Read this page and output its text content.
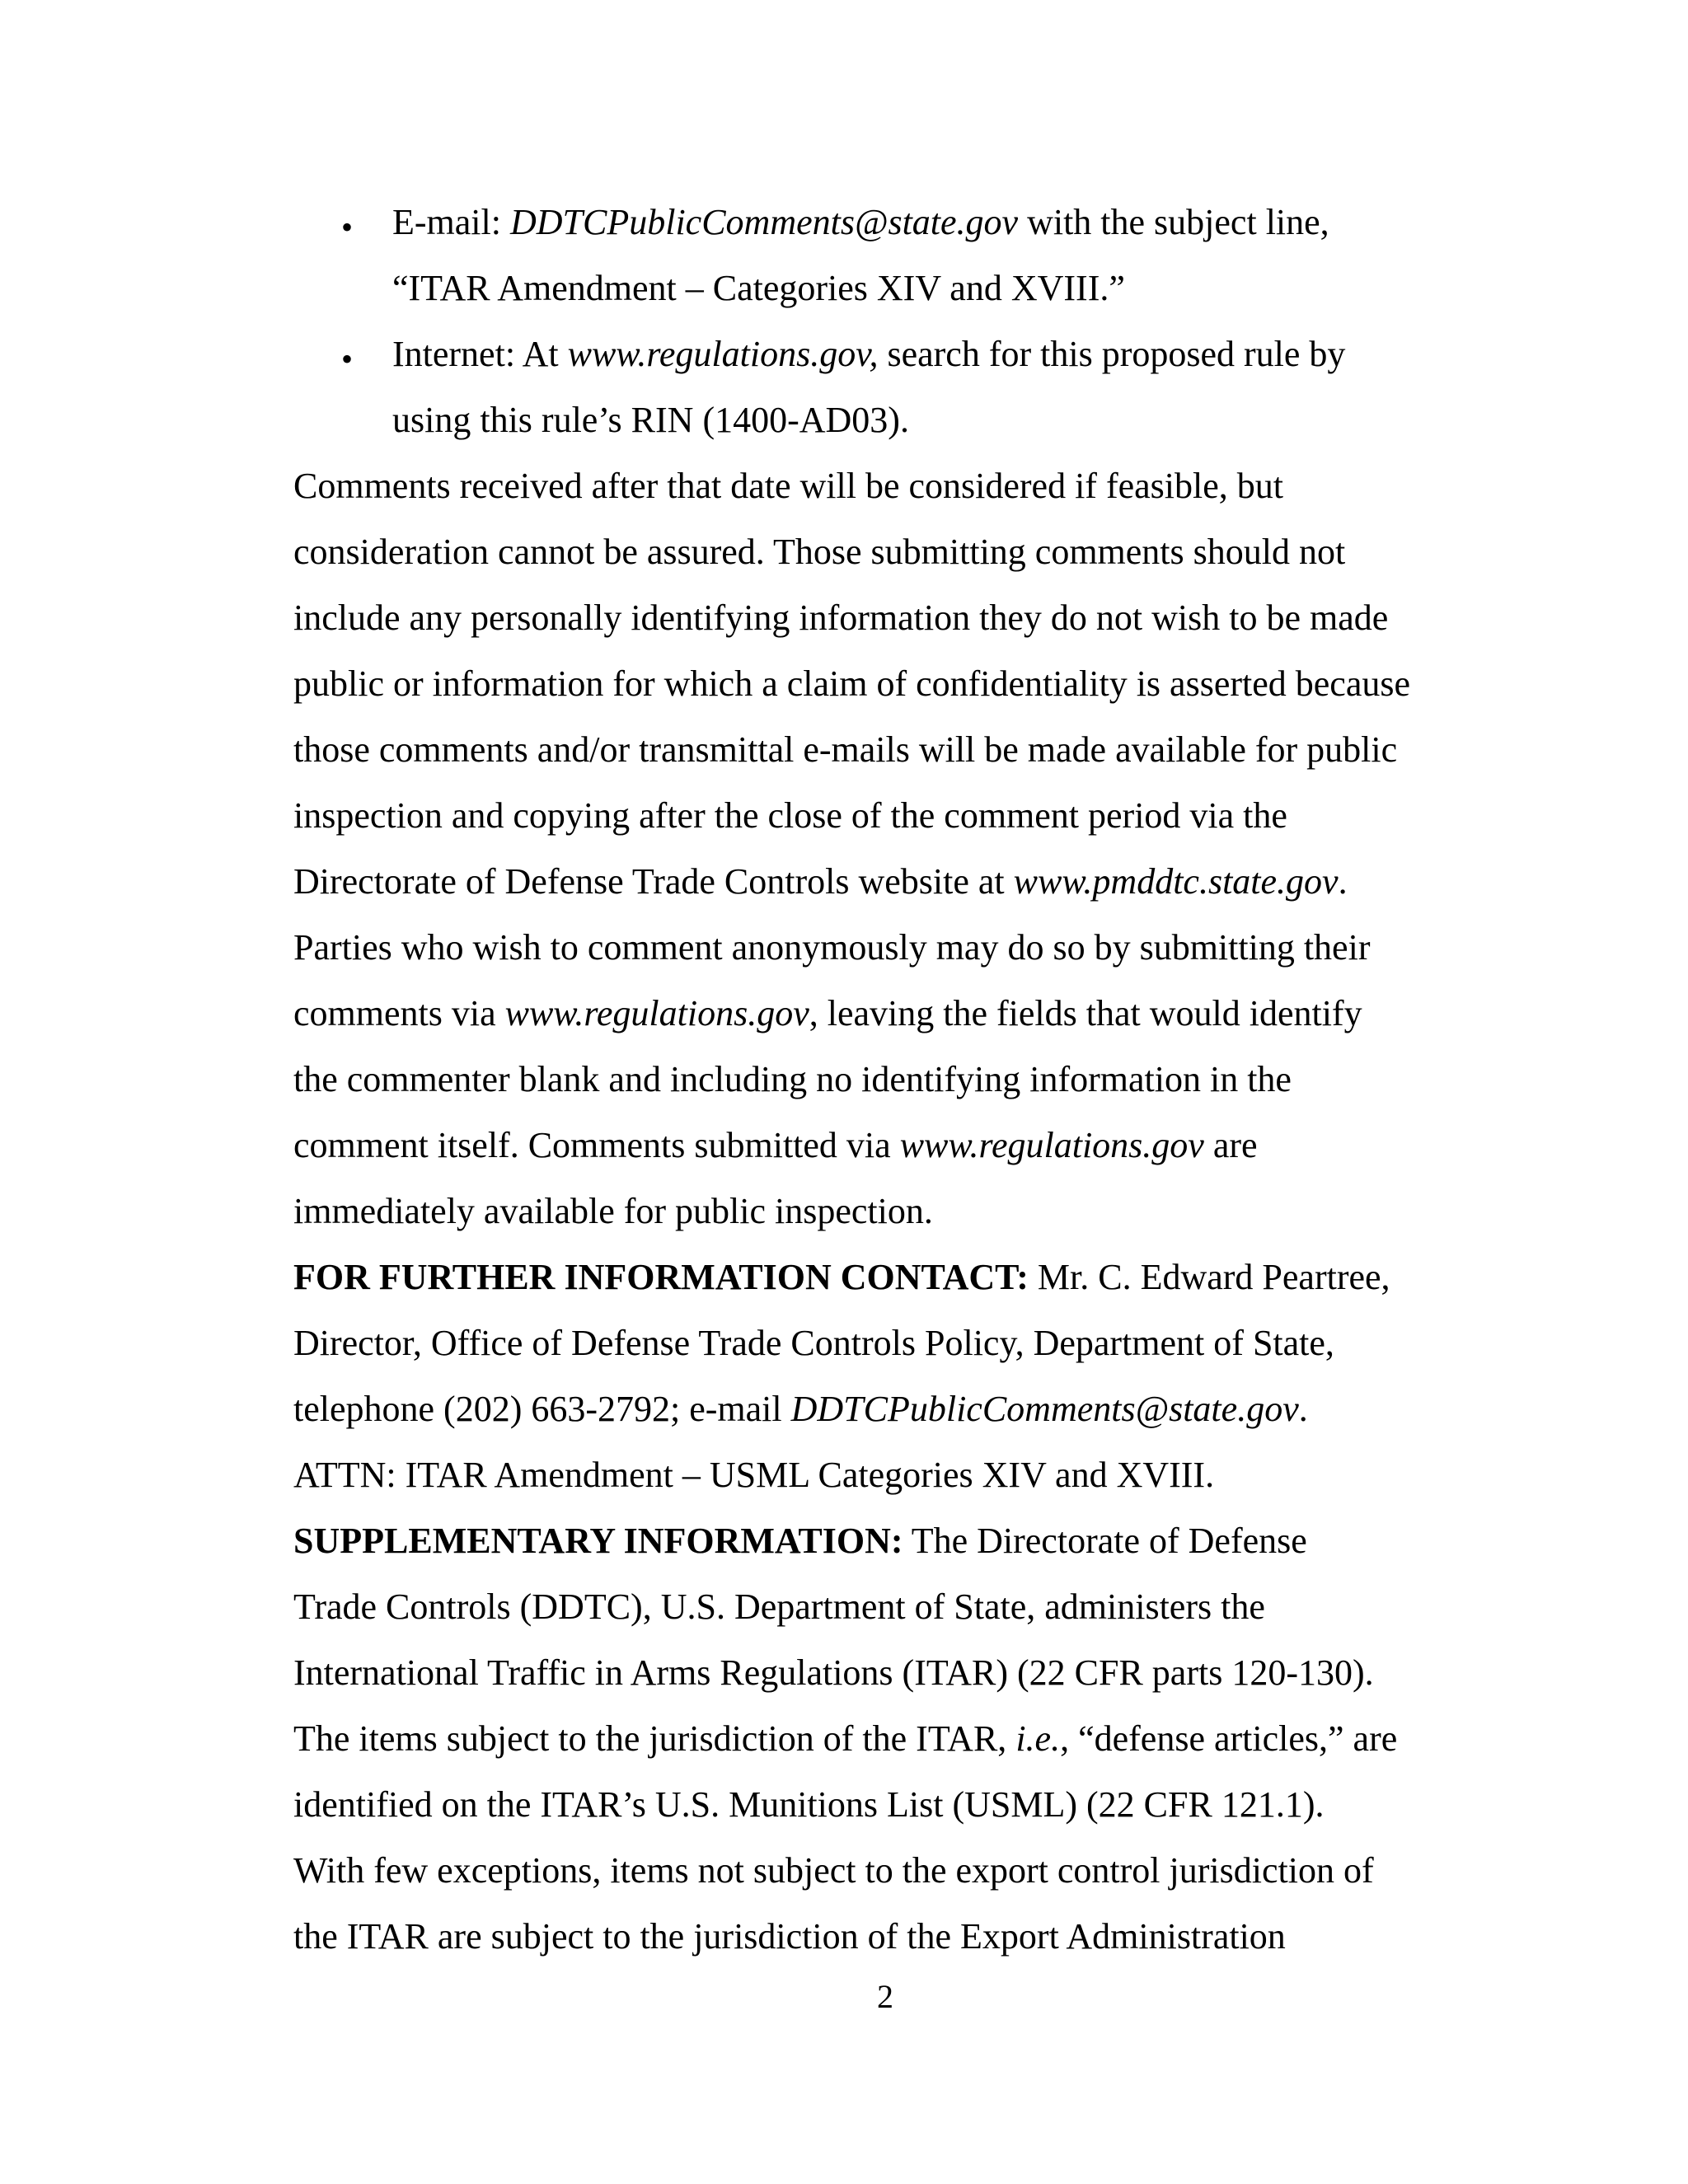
• E-mail: DDTCPublicComments@state.gov with the subject line,
“ITAR Amendment – Categories XIV and XVIII.”
• Internet: At www.regulations.gov, search for this proposed rule by
using this rule’s RIN (1400-AD03).
Comments received after that date will be considered if feasible, but
consideration cannot be assured. Those submitting comments should not
include any personally identifying information they do not wish to be made
public or information for which a claim of confidentiality is asserted because
those comments and/or transmittal e-mails will be made available for public
inspection and copying after the close of the comment period via the
Directorate of Defense Trade Controls website at www.pmddtc.state.gov.
Parties who wish to comment anonymously may do so by submitting their
comments via www.regulations.gov, leaving the fields that would identify
the commenter blank and including no identifying information in the
comment itself. Comments submitted via www.regulations.gov are
immediately available for public inspection.
FOR FURTHER INFORMATION CONTACT: Mr. C. Edward Peartree,
Director, Office of Defense Trade Controls Policy, Department of State,
telephone (202) 663-2792; e-mail DDTCPublicComments@state.gov.
ATTN: ITAR Amendment – USML Categories XIV and XVIII.
SUPPLEMENTARY INFORMATION: The Directorate of Defense
Trade Controls (DDTC), U.S. Department of State, administers the
International Traffic in Arms Regulations (ITAR) (22 CFR parts 120-130).
The items subject to the jurisdiction of the ITAR, i.e., “defense articles,” are
identified on the ITAR’s U.S. Munitions List (USML) (22 CFR 121.1).
With few exceptions, items not subject to the export control jurisdiction of
the ITAR are subject to the jurisdiction of the Export Administration
2
